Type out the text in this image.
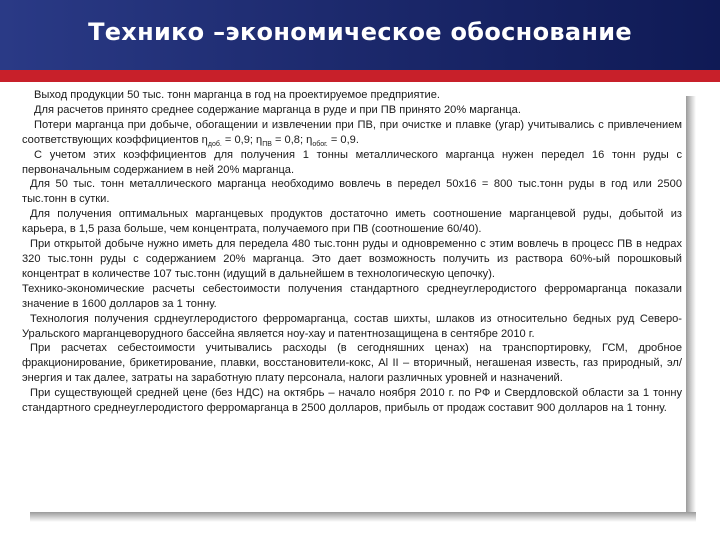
Технико –экономическое обоснование

Выход продукции 50 тыс. тонн марганца в год на проектируемое предприятие.

Для расчетов принято среднее содержание марганца в руде и при ПВ принято 20% марганца.

Потери марганца при добыче, обогащении и извлечении при ПВ, при очистке и плавке (угар) учитывались с привлечением соответствующих коэффициентов $\eta_{доб.} = 0,9$; $\eta_{ПВ} = 0,8$; $\eta_{обог.} = 0,9$.

С учетом этих коэффициентов для получения 1 тонны металлического марганца нужен передел 16 тонн руды с первоначальным содержанием в ней 20% марганца.

Для 50 тыс. тонн металлического марганца необходимо вовлечь в передел 50х16 = 800 тыс.тонн руды в год или 2500 тыс.тонн в сутки.

Для получения оптимальных марганцевых продуктов достаточно иметь соотношение марганцевой руды, добытой из карьера, в 1,5 раза больше, чем концентрата, получаемого при ПВ (соотношение 60/40).

При открытой добыче нужно иметь для передела 480 тыс.тонн руды и одновременно с этим вовлечь в процесс ПВ в недрах 320 тыс.тонн руды с содержанием 20% марганца. Это дает возможность получить из раствора 60%-ый порошковый концентрат в количестве 107 тыс.тонн (идущий в дальнейшем в технологическую цепочку).

Технико-экономические расчеты себестоимости получения стандартного среднеуглеродистого ферромарганца показали значение в 1600 долларов за 1 тонну.

Технология получения срднеуглеродистого ферромарганца, состав шихты, шлаков из относительно бедных руд Северо-Уральского марганцеворудного бассейна является ноу-хау и патентнозащищена в сентябре 2010 г.

При расчетах себестоимости учитывались расходы (в сегодняшних ценах) на транспортировку, ГСМ, дробное фракционирование, брикетирование, плавки, восстановители-кокс, Al II – вторичный, негашеная известь, газ природный, эл/энергия и так далее, затраты на заработную плату персонала, налоги различных уровней и назначений.

При существующей средней цене (без НДС) на октябрь – начало ноября 2010 г. по РФ и Свердловской области за 1 тонну стандартного среднеуглеродистого ферромарганца в 2500 долларов, прибыль от продаж составит 900 долларов на 1 тонну.
